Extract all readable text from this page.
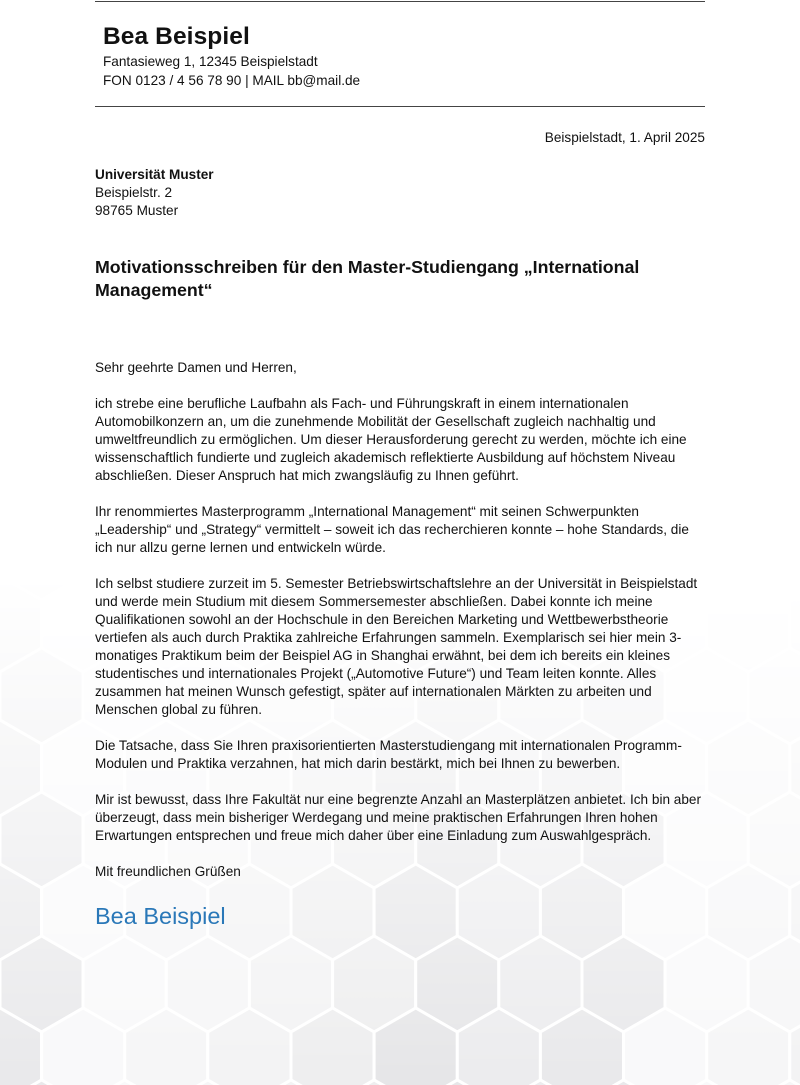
Bea Beispiel
Fantasieweg 1, 12345 Beispielstadt
FON 0123 / 4 56 78 90 | MAIL bb@mail.de
Beispielstadt, 1. April 2025
Universität Muster
Beispielstr. 2
98765 Muster
Motivationsschreiben für den Master-Studiengang „International
Management“

Sehr geehrte Damen und Herren,

ich strebe eine berufliche Laufbahn als Fach- und Führungskraft in einem internationalen
Automobilkonzern an, um die zunehmende Mobilität der Gesellschaft zugleich nachhaltig und
umweltfreundlich zu ermöglichen. Um dieser Herausforderung gerecht zu werden, möchte ich eine
wissenschaftlich fundierte und zugleich akademisch reflektierte Ausbildung auf höchstem Niveau
abschließen. Dieser Anspruch hat mich zwangsläufig zu Ihnen geführt.

Ihr renommiertes Masterprogramm „International Management“ mit seinen Schwerpunkten
„Leadership“ und „Strategy“ vermittelt – soweit ich das recherchieren konnte – hohe Standards, die
ich nur allzu gerne lernen und entwickeln würde.

Ich selbst studiere zurzeit im 5. Semester Betriebswirtschaftslehre an der Universität in Beispielstadt
und werde mein Studium mit diesem Sommersemester abschließen. Dabei konnte ich meine
Qualifikationen sowohl an der Hochschule in den Bereichen Marketing und Wettbewerbstheorie
vertiefen als auch durch Praktika zahlreiche Erfahrungen sammeln. Exemplarisch sei hier mein 3-
monatiges Praktikum beim der Beispiel AG in Shanghai erwähnt, bei dem ich bereits ein kleines
studentisches und internationales Projekt („Automotive Future“) und Team leiten konnte. Alles
zusammen hat meinen Wunsch gefestigt, später auf internationalen Märkten zu arbeiten und
Menschen global zu führen.

Die Tatsache, dass Sie Ihren praxisorientierten Masterstudiengang mit internationalen Programm-
Modulen und Praktika verzahnen, hat mich darin bestärkt, mich bei Ihnen zu bewerben.

Mir ist bewusst, dass Ihre Fakultät nur eine begrenzte Anzahl an Masterplätzen anbietet. Ich bin aber
überzeugt, dass mein bisheriger Werdegang und meine praktischen Erfahrungen Ihren hohen
Erwartungen entsprechen und freue mich daher über eine Einladung zum Auswahlgespräch.

Mit freundlichen Grüßen

Bea Beispiel
